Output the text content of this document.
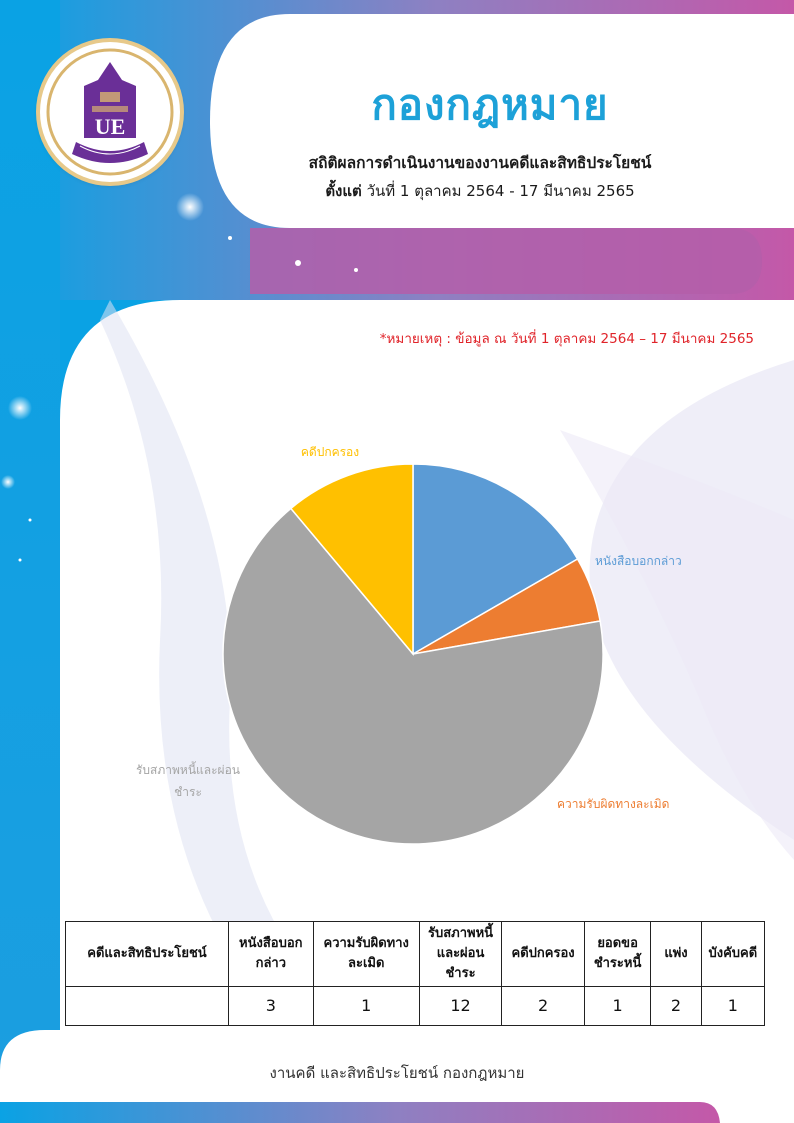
UE	กองกฎหมาย
สถิติผลการดำเนินงานของงานคดีและสิทธิประโยชน์
ตั้งแต่ วันที่ 1 ตุลาคม 2564 - 17 มีนาคม 2565
*หมายเหตุ : ข้อมูล ณ วันที่ 1 ตุลาคม 2564 – 17 มีนาคม 2565
หนังสือบอกกล่าว
ความรับผิดทางละเมิด
รับสภาพหนี้และผ่อนชำระ
คดีปกครอง
คดีและสิทธิประโยชน์	หนังสือบอกกล่าว	ความรับผิดทางละเมิด	รับสภาพหนี้และผ่อนชำระ	คดีปกครอง	ยอดขอชำระหนี้	แพ่ง	บังคับคดี
	3	1	12	2	1	2	1
งานคดี และสิทธิประโยชน์ กองกฎหมาย
